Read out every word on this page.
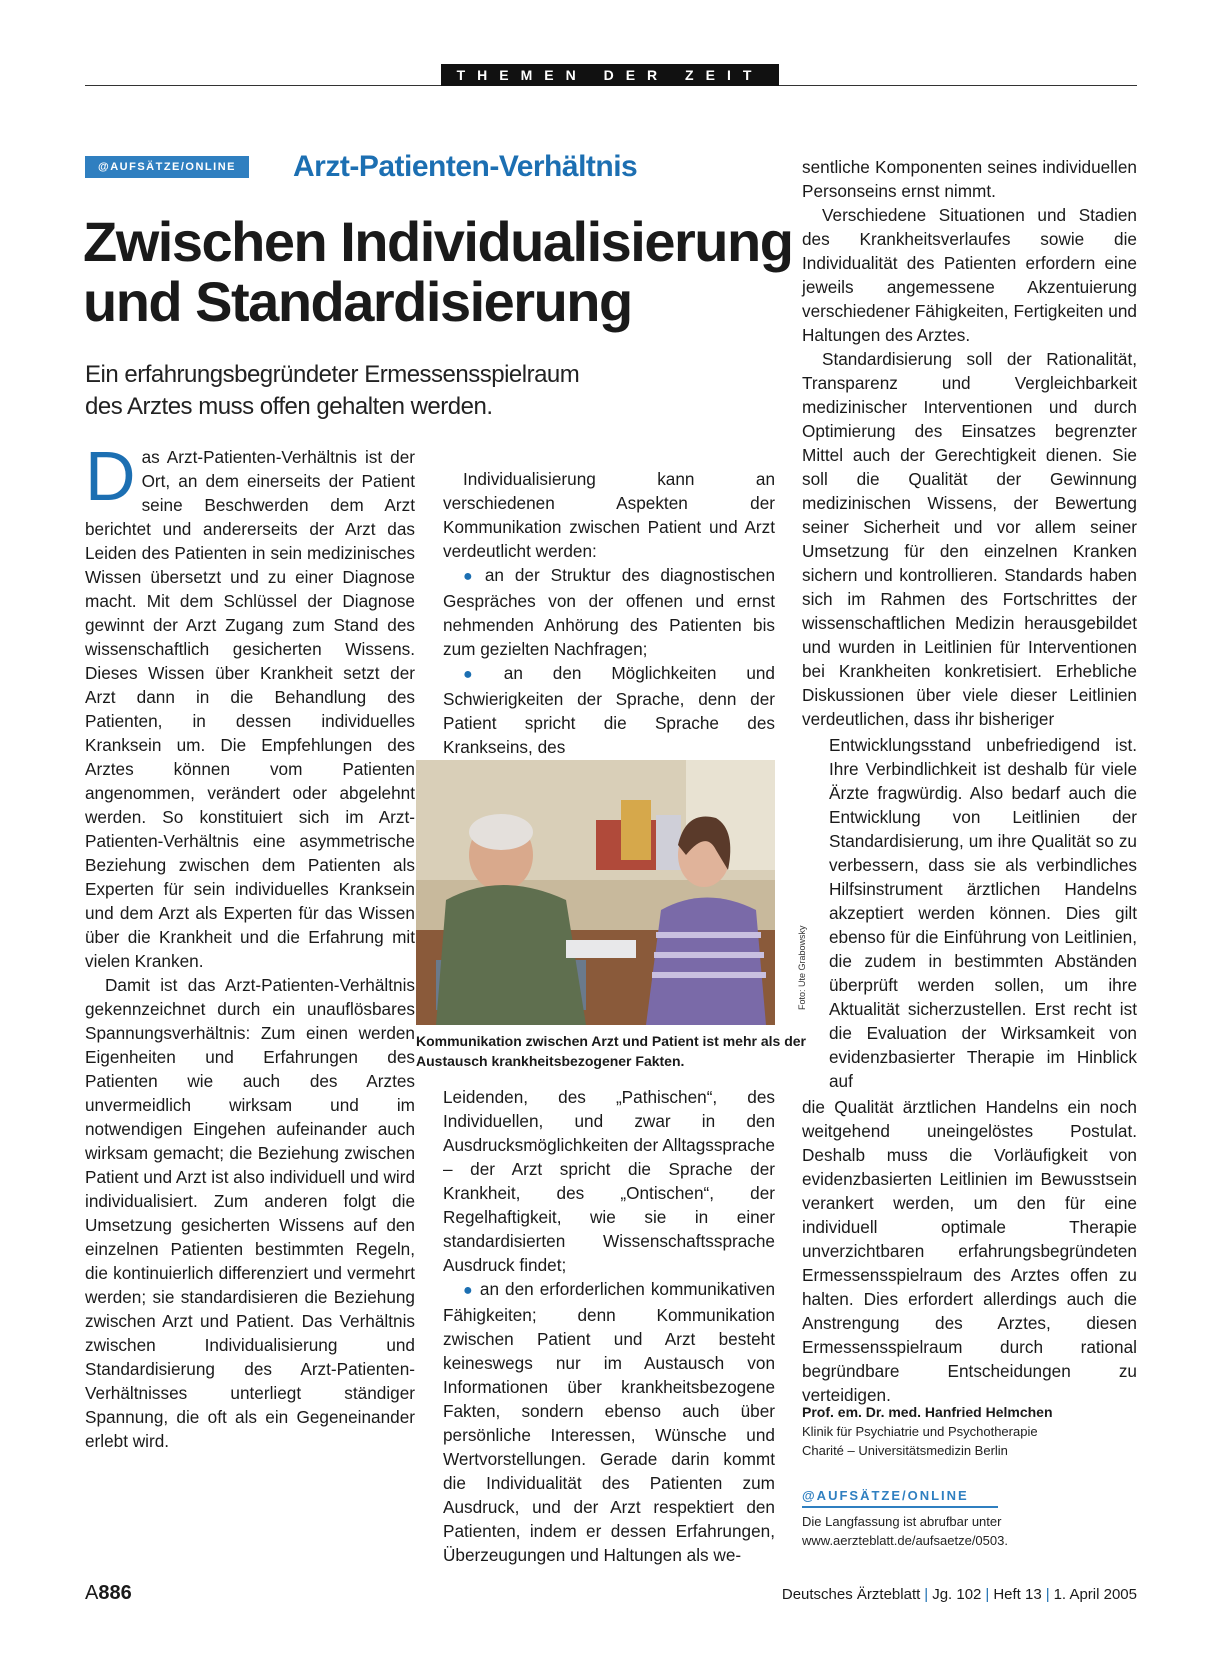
THEMEN DER ZEIT
@AUFSÄTZE/ONLINE	Arzt-Patienten-Verhältnis
Zwischen Individualisierung
und Standardisierung
Ein erfahrungsbegründeter Ermessensspielraum
des Arztes muss offen gehalten werden.

Das Arzt-Patienten-Verhältnis ist der Ort, an dem einerseits der Patient seine Beschwerden dem Arzt berichtet und andererseits der Arzt das Leiden des Patienten in sein medizinisches Wissen übersetzt und zu einer Diagnose macht. Mit dem Schlüssel der Diagnose gewinnt der Arzt Zugang zum Stand des wissenschaftlich gesicherten Wissens. Dieses Wissen über Krankheit setzt der Arzt dann in die Behandlung des Patienten, in dessen individuelles Kranksein um. Die Empfehlungen des Arztes können vom Patienten angenommen, verändert oder abgelehnt werden. So konstituiert sich im Arzt-Patienten-Verhältnis eine asymmetrische Beziehung zwischen dem Patienten als Experten für sein individuelles Kranksein und dem Arzt als Experten für das Wissen über die Krankheit und die Erfahrung mit vielen Kranken.

Damit ist das Arzt-Patienten-Verhältnis gekennzeichnet durch ein unauflösbares Spannungsverhältnis: Zum einen werden Eigenheiten und Erfahrungen des Patienten wie auch des Arztes unvermeidlich wirksam und im notwendigen Eingehen aufeinander auch wirksam gemacht; die Beziehung zwischen Patient und Arzt ist also individuell und wird individualisiert. Zum anderen folgt die Umsetzung gesicherten Wissens auf den einzelnen Patienten bestimmten Regeln, die kontinuierlich differenziert und vermehrt werden; sie standardisieren die Beziehung zwischen Arzt und Patient. Das Verhältnis zwischen Individualisierung und Standardisierung des Arzt-Patienten-Verhältnisses unterliegt ständiger Spannung, die oft als ein Gegeneinander erlebt wird.

Individualisierung kann an verschiedenen Aspekten der Kommunikation zwischen Patient und Arzt verdeutlicht werden:

● an der Struktur des diagnostischen Gespräches von der offenen und ernst nehmenden Anhörung des Patienten bis zum gezielten Nachfragen;

● an den Möglichkeiten und Schwierigkeiten der Sprache, denn der Patient spricht die Sprache des Krankseins, des

Foto: Ute Grabowsky
Kommunikation zwischen Arzt und Patient ist mehr als der Austausch krankheitsbezogener Fakten.

Leidenden, des „Pathischen“, des Individuellen, und zwar in den Ausdrucksmöglichkeiten der Alltagssprache – der Arzt spricht die Sprache der Krankheit, des „Ontischen“, der Regelhaftigkeit, wie sie in einer standardisierten Wissenschaftssprache Ausdruck findet;

● an den erforderlichen kommunikativen Fähigkeiten; denn Kommunikation zwischen Patient und Arzt besteht keineswegs nur im Austausch von Informationen über krankheitsbezogene Fakten, sondern ebenso auch über persönliche Interessen, Wünsche und Wertvorstellungen. Gerade darin kommt die Individualität des Patienten zum Ausdruck, und der Arzt respektiert den Patienten, indem er dessen Erfahrungen, Überzeugungen und Haltungen als we-

sentliche Komponenten seines individuellen Personseins ernst nimmt.

Verschiedene Situationen und Stadien des Krankheitsverlaufes sowie die Individualität des Patienten erfordern eine jeweils angemessene Akzentuierung verschiedener Fähigkeiten, Fertigkeiten und Haltungen des Arztes.

Standardisierung soll der Rationalität, Transparenz und Vergleichbarkeit medizinischer Interventionen und durch Optimierung des Einsatzes begrenzter Mittel auch der Gerechtigkeit dienen. Sie soll die Qualität der Gewinnung medizinischen Wissens, der Bewertung seiner Sicherheit und vor allem seiner Umsetzung für den einzelnen Kranken sichern und kontrollieren. Standards haben sich im Rahmen des Fortschrittes der wissenschaftlichen Medizin herausgebildet und wurden in Leitlinien für Interventionen bei Krankheiten konkretisiert. Erhebliche Diskussionen über viele dieser Leitlinien verdeutlichen, dass ihr bisheriger

Entwicklungsstand unbefriedigend ist. Ihre Verbindlichkeit ist deshalb für viele Ärzte fragwürdig. Also bedarf auch die Entwicklung von Leitlinien der Standardisierung, um ihre Qualität so zu verbessern, dass sie als verbindliches Hilfsinstrument ärztlichen Handelns akzeptiert werden können. Dies gilt ebenso für die Einführung von Leitlinien, die zudem in bestimmten Abständen überprüft werden sollen, um ihre Aktualität sicherzustellen. Erst recht ist die Evaluation der Wirksamkeit von evidenzbasierter Therapie im Hinblick auf

die Qualität ärztlichen Handelns ein noch weitgehend uneingelöstes Postulat. Deshalb muss die Vorläufigkeit von evidenzbasierten Leitlinien im Bewusstsein verankert werden, um den für eine individuell optimale Therapie unverzichtbaren erfahrungsbegründeten Ermessensspielraum des Arztes offen zu halten. Dies erfordert allerdings auch die Anstrengung des Arztes, diesen Ermessensspielraum durch rational begründbare Entscheidungen zu verteidigen.

Prof. em. Dr. med. Hanfried Helmchen
Klinik für Psychiatrie und Psychotherapie
Charité – Universitätsmedizin Berlin
@AUFSÄTZE/ONLINE
Die Langfassung ist abrufbar unter www.aerzteblatt.de/aufsaetze/0503.
A886	Deutsches Ärzteblatt | Jg. 102 | Heft 13 | 1. April 2005
